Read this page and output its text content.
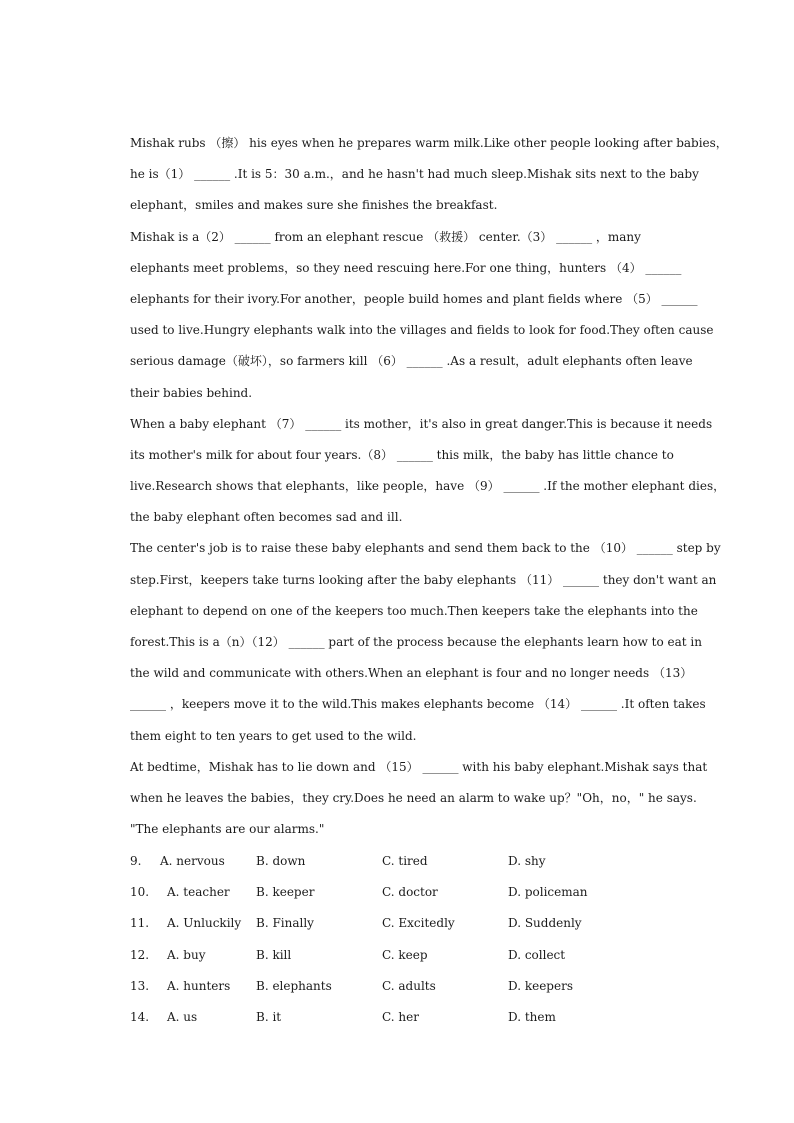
Mishak rubs （擦） his eyes when he prepares warm milk.Like other people looking after babies，
he is（1） ______ .It is 5：30 a.m.，and he hasn't had much sleep.Mishak sits next to the baby
elephant，smiles and makes sure she finishes the breakfast.
Mishak is a（2） ______ from an elephant rescue （救援） center.（3） ______ ，many
elephants meet problems，so they need rescuing here.For one thing，hunters （4） ______
elephants for their ivory.For another，people build homes and plant fields where （5） ______
used to live.Hungry elephants walk into the villages and fields to look for food.They often cause
serious damage（破坏），so farmers kill （6） ______ .As a result，adult elephants often leave
their babies behind.
When a baby elephant （7） ______ its mother，it's also in great danger.This is because it needs
its mother's milk for about four years.（8） ______ this milk，the baby has little chance to
live.Research shows that elephants，like people，have （9） ______ .If the mother elephant dies，
the baby elephant often becomes sad and ill.
The center's job is to raise these baby elephants and send them back to the （10） ______ step by
step.First，keepers take turns looking after the baby elephants （11） ______ they don't want an
elephant to depend on one of the keepers too much.Then keepers take the elephants into the
forest.This is a（n）（12） ______ part of the process because the elephants learn how to eat in
the wild and communicate with others.When an elephant is four and no longer needs （13）
______ ，keepers move it to the wild.This makes elephants become （14） ______ .It often takes
them eight to ten years to get used to the wild.
At bedtime，Mishak has to lie down and （15） ______ with his baby elephant.Mishak says that
when he leaves the babies，they cry.Does he need an alarm to wake up？"Oh，no，" he says.
"The elephants are our alarms."
9. A. nervous	B. down	C. tired	D. shy
10. A. teacher B. keeper	C. doctor	D. policeman
11. A. Unluckily B. Finally	C. Excitedly	D. Suddenly
12. A. buy	B. kill	C. keep	D. collect
13. A. hunters B. elephants	C. adults	D. keepers
14. A. us	B. it	C. her	D. them
